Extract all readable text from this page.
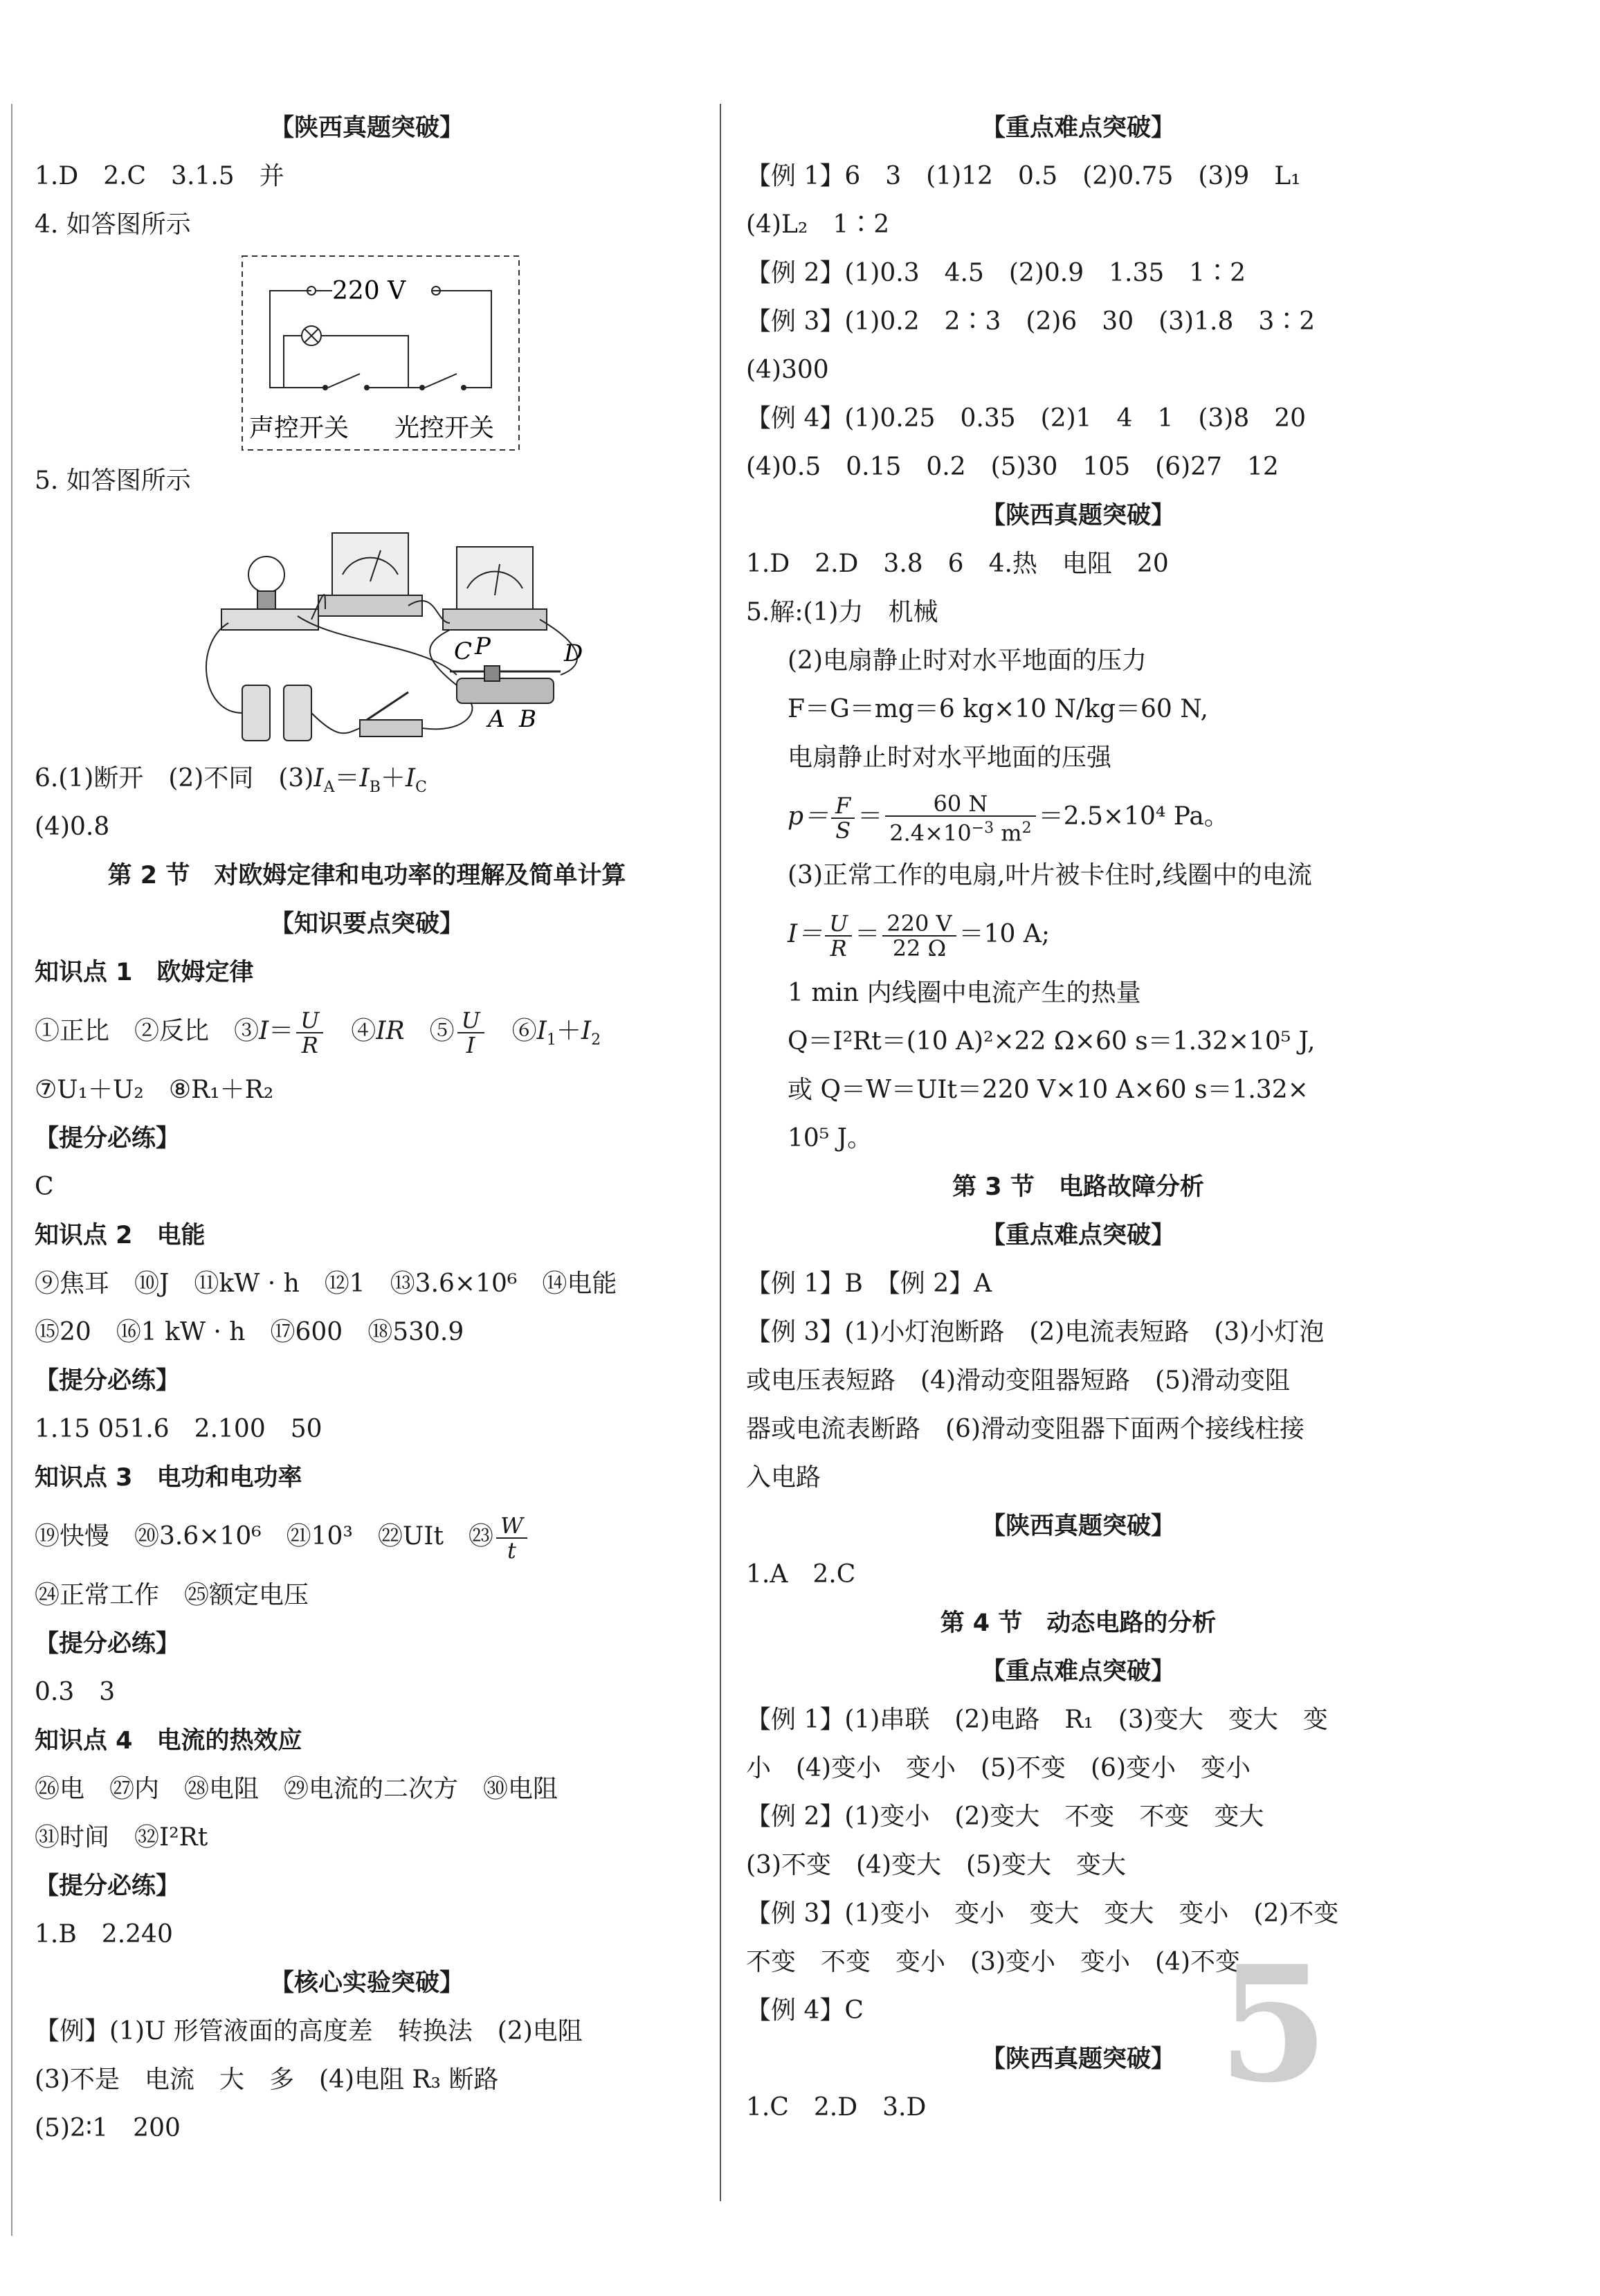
【陕西真题突破】
1.D　2.C　3.1.5　并
4. 如答图所示
220 V
声控开关 光控开关
5. 如答图所示
C P	D
A B
6.(1)断开　(2)不同　$(3)I_A=I_B+I_C$
(4)0.8
第 2 节　对欧姆定律和电功率的理解及简单计算
【知识要点突破】
知识点 1　欧姆定律
①正比　②反比　③I＝ $\frac{U}{R}$ 　④IR　⑤ $\frac{U}{I}$ 　$⑥I_1+I_2$
⑦U₁＋U₂　⑧R₁＋R₂
【提分必练】
C
知识点 2　电能
⑨焦耳　⑩J　⑪kW · h　⑫1　⑬3.6×10⁶　⑭电能
⑮20　⑯1 kW · h　⑰600　⑱530.9
【提分必练】
1.15 051.6　2.100　50
知识点 3　电功和电功率
⑲快慢　⑳3.6×10⁶　㉑10³　㉒UIt　㉓ $\frac{W}{t}$
㉔正常工作　㉕额定电压
【提分必练】
0.3　3
知识点 4　电流的热效应
㉖电　㉗内　㉘电阻　㉙电流的二次方　㉚电阻
㉛时间　㉜I²Rt
【提分必练】
1.B　2.240
【核心实验突破】
【例】(1)U 形管液面的高度差　转换法　(2)电阻
(3)不是　电流　大　多　(4)电阻 R₃ 断路
(5)2∶1　200
【重点难点突破】
【例 1】6　3　(1)12　0.5　(2)0.75　(3)9　L₁
(4)L₂　1∶2
【例 2】(1)0.3　4.5　(2)0.9　1.35　1∶2
【例 3】(1)0.2　2∶3　(2)6　30　(3)1.8　3∶2
(4)300
【例 4】(1)0.25　0.35　(2)1　4　1　(3)8　20
(4)0.5　0.15　0.2　(5)30　105　(6)27　12
【陕西真题突破】
1.D　2.D　3.8　6　4.热　电阻　20
5.解:(1)力　机械
(2)电扇静止时对水平地面的压力
F＝G＝mg＝6 kg×10 N/kg＝60 N,
电扇静止时对水平地面的压强
$p= \frac{F}{S} = \frac{60 N}{2.4\times 10^{-3} m^2} =2.5\times 10^4$ Pa。
(3)正常工作的电扇,叶片被卡住时,线圈中的电流
$I= \frac{U}{R} = \frac{220 V}{22 \Omega} =10$ A;
1 min 内线圈中电流产生的热量
Q＝I²Rt＝(10 A)²×22 Ω×60 s＝1.32×10⁵ J,
或 Q＝W＝UIt＝220 V×10 A×60 s＝1.32×
10⁵ J。
第 3 节　电路故障分析
【重点难点突破】
【例 1】B　【例 2】A
【例 3】(1)小灯泡断路　(2)电流表短路　(3)小灯泡
或电压表短路　(4)滑动变阻器短路　(5)滑动变阻
器或电流表断路　(6)滑动变阻器下面两个接线柱接
入电路
【陕西真题突破】
1.A　2.C
第 4 节　动态电路的分析
【重点难点突破】
【例 1】(1)串联　(2)电路　R₁　(3)变大　变大　变
小　(4)变小　变小　(5)不变　(6)变小　变小
【例 2】(1)变小　(2)变大　不变　不变　变大
(3)不变　(4)变大　(5)变大　变大
【例 3】(1)变小　变小　变大　变大　变小　(2)不变
不变　不变　变小　(3)变小　变小　(4)不变
【例 4】C
【陕西真题突破】
1.C　2.D　3.D	5
